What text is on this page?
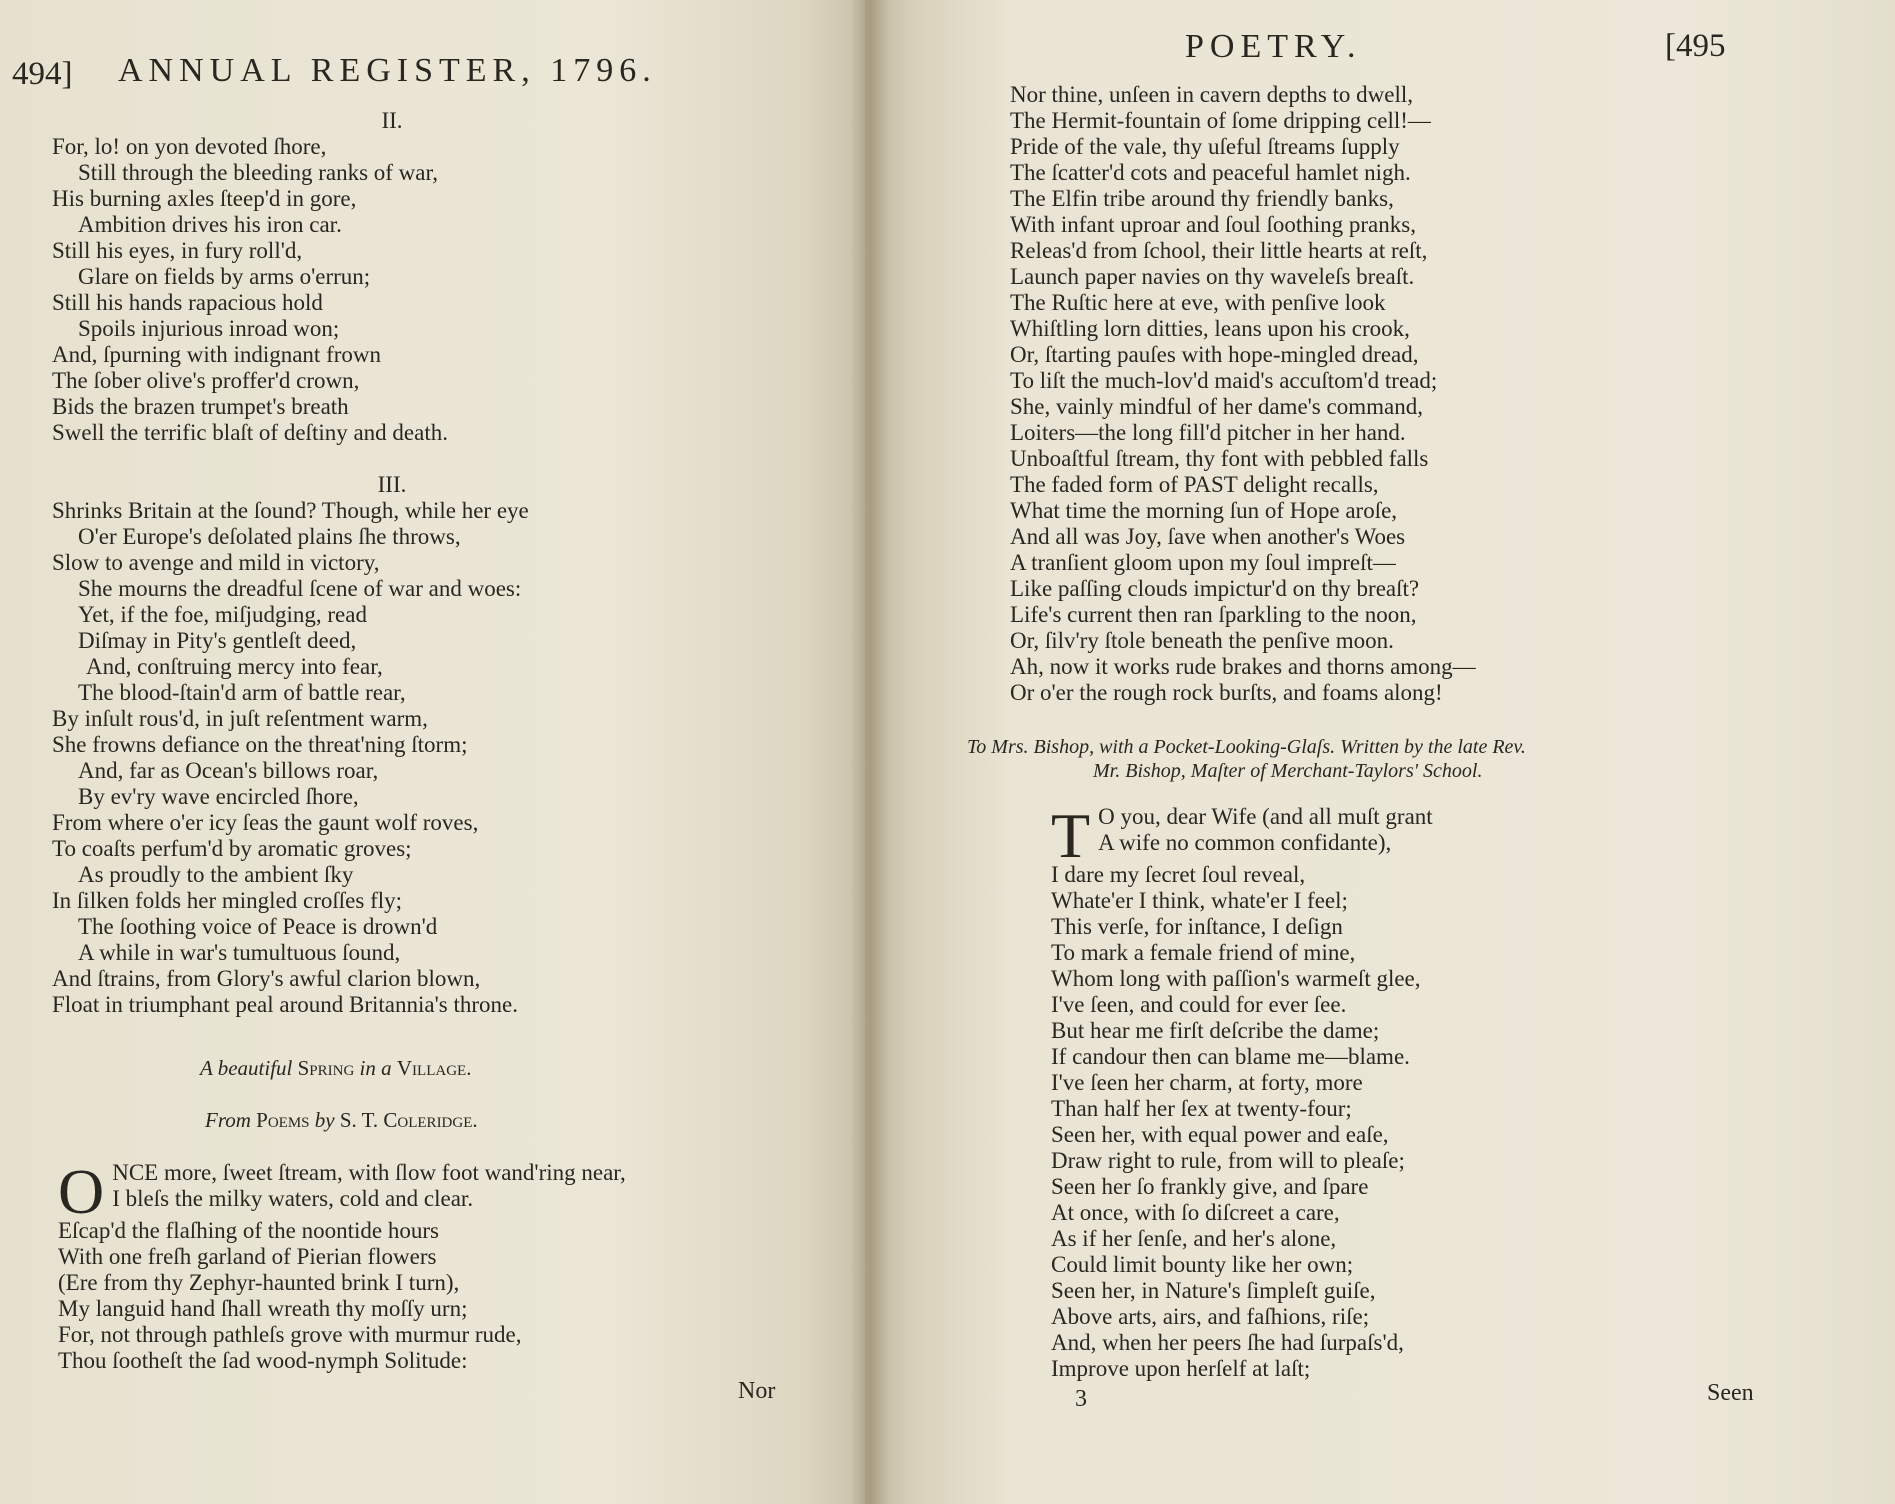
494] ANNUAL REGISTER, 1796.
II.
For, lo! on yon devoted ſhore,
Still through the bleeding ranks of war,
His burning axles ſteep'd in gore,
Ambition drives his iron car.
Still his eyes, in fury roll'd,
Glare on fields by arms o'errun;
Still his hands rapacious hold
Spoils injurious inroad won;
And, ſpurning with indignant frown
The ſober olive's proffer'd crown,
Bids the brazen trumpet's breath
Swell the terrific blaſt of deſtiny and death.
III.
Shrinks Britain at the ſound? Though, while her eye
O'er Europe's deſolated plains ſhe throws,
Slow to avenge and mild in victory,
She mourns the dreadful ſcene of war and woes:
Yet, if the foe, miſjudging, read
Diſmay in Pity's gentleſt deed,
And, conſtruing mercy into fear,
The blood-ſtain'd arm of battle rear,
By inſult rous'd, in juſt reſentment warm,
She frowns defiance on the threat'ning ſtorm;
And, far as Ocean's billows roar,
By ev'ry wave encircled ſhore,
From where o'er icy ſeas the gaunt wolf roves,
To coaſts perfum'd by aromatic groves;
As proudly to the ambient ſky
In ſilken folds her mingled croſſes fly;
The ſoothing voice of Peace is drown'd
A while in war's tumultuous ſound,
And ſtrains, from Glory's awful clarion blown,
Float in triumphant peal around Britannia's throne.
A beautiful Spring in a Village.
From Poems by S. T. Coleridge.
O NCE more, ſweet ſtream, with ſlow foot wand'ring near,
I bleſs the milky waters, cold and clear.
Eſcap'd the flaſhing of the noontide hours
With one freſh garland of Pierian flowers
(Ere from thy Zephyr-haunted brink I turn),
My languid hand ſhall wreath thy moſſy urn;
For, not through pathleſs grove with murmur rude,
Thou ſootheſt the ſad wood-nymph Solitude:
Nor
POETRY.	[495
Nor thine, unſeen in cavern depths to dwell,
The Hermit-fountain of ſome dripping cell!—
Pride of the vale, thy uſeful ſtreams ſupply
The ſcatter'd cots and peaceful hamlet nigh.
The Elfin tribe around thy friendly banks,
With infant uproar and ſoul ſoothing pranks,
Releas'd from ſchool, their little hearts at reſt,
Launch paper navies on thy waveleſs breaſt.
The Ruſtic here at eve, with penſive look
Whiſtling lorn ditties, leans upon his crook,
Or, ſtarting pauſes with hope-mingled dread,
To liſt the much-lov'd maid's accuſtom'd tread;
She, vainly mindful of her dame's command,
Loiters—the long fill'd pitcher in her hand.
Unboaſtful ſtream, thy font with pebbled falls
The faded form of PAST delight recalls,
What time the morning ſun of Hope aroſe,
And all was Joy, ſave when another's Woes
A tranſient gloom upon my ſoul impreſt—
Like paſſing clouds impictur'd on thy breaſt?
Life's current then ran ſparkling to the noon,
Or, ſilv'ry ſtole beneath the penſive moon.
Ah, now it works rude brakes and thorns among—
Or o'er the rough rock burſts, and foams along!
To Mrs. Bishop, with a Pocket-Looking-Glaſs. Written by the late Rev.
Mr. Bishop, Maſter of Merchant-Taylors' School.
T O you, dear Wife (and all muſt grant
A wife no common confidante),
I dare my ſecret ſoul reveal,
Whate'er I think, whate'er I feel;
This verſe, for inſtance, I deſign
To mark a female friend of mine,
Whom long with paſſion's warmeſt glee,
I've ſeen, and could for ever ſee.
But hear me firſt deſcribe the dame;
If candour then can blame me—blame.
I've ſeen her charm, at forty, more
Than half her ſex at twenty-four;
Seen her, with equal power and eaſe,
Draw right to rule, from will to pleaſe;
Seen her ſo frankly give, and ſpare
At once, with ſo diſcreet a care,
As if her ſenſe, and her's alone,
Could limit bounty like her own;
Seen her, in Nature's ſimpleſt guiſe,
Above arts, airs, and faſhions, riſe;
And, when her peers ſhe had ſurpaſs'd,
Improve upon herſelf at laſt;
3	Seen
